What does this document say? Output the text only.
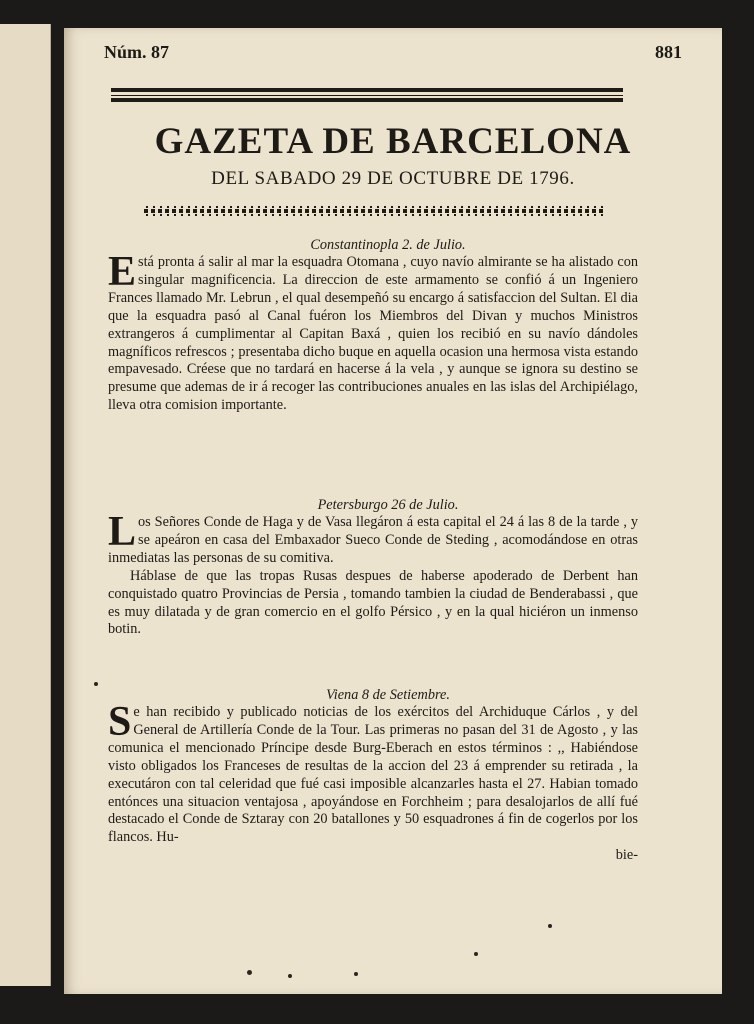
Núm. 87	881
GAZETA DE BARCELONA
DEL SABADO 29 DE OCTUBRE DE 1796.
Constantinopla 2. de Julio.

Está pronta á salir al mar la esquadra Otomana , cuyo navío almirante se ha alistado con singular magnificencia. La direccion de este armamento se confió á un Ingeniero Frances llamado Mr. Lebrun , el qual desempeñó su encargo á satisfaccion del Sultan. El dia que la esquadra pasó al Canal fuéron los Miembros del Divan y muchos Ministros extrangeros á cumplimentar al Capitan Baxá , quien los recibió en su navío dándoles magníficos refrescos ; presentaba dicho buque en aquella ocasion una hermosa vista estando empavesado. Créese que no tardará en hacerse á la vela , y aunque se ignora su destino se presume que ademas de ir á recoger las contribuciones anuales en las islas del Archipiélago, lleva otra comision importante.

Petersburgo 26 de Julio.

Los Señores Conde de Haga y de Vasa llegáron á esta capital el 24 á las 8 de la tarde , y se apeáron en casa del Embaxador Sueco Conde de Steding , acomodándose en otras inmediatas las personas de su comitiva.

Háblase de que las tropas Rusas despues de haberse apoderado de Derbent han conquistado quatro Provincias de Persia , tomando tambien la ciudad de Benderabassi , que es muy dilatada y de gran comercio en el golfo Pérsico , y en la qual hiciéron un inmenso botin.

Viena 8 de Setiembre.

Se han recibido y publicado noticias de los exércitos del Archiduque Cárlos , y del General de Artillería Conde de la Tour. Las primeras no pasan del 31 de Agosto , y las comunica el mencionado Príncipe desde Burg-Eberach en estos términos : ,, Habiéndose visto obligados los Franceses de resultas de la accion del 23 á emprender su retirada , la executáron con tal celeridad que fué casi imposible alcanzarles hasta el 27. Habian tomado entónces una situacion ventajosa , apoyándose en Forchheim ; para desalojarlos de allí fué destacado el Conde de Sztaray con 20 batallones y 50 esquadrones á fin de cogerlos por los flancos. Hu-

bie-
